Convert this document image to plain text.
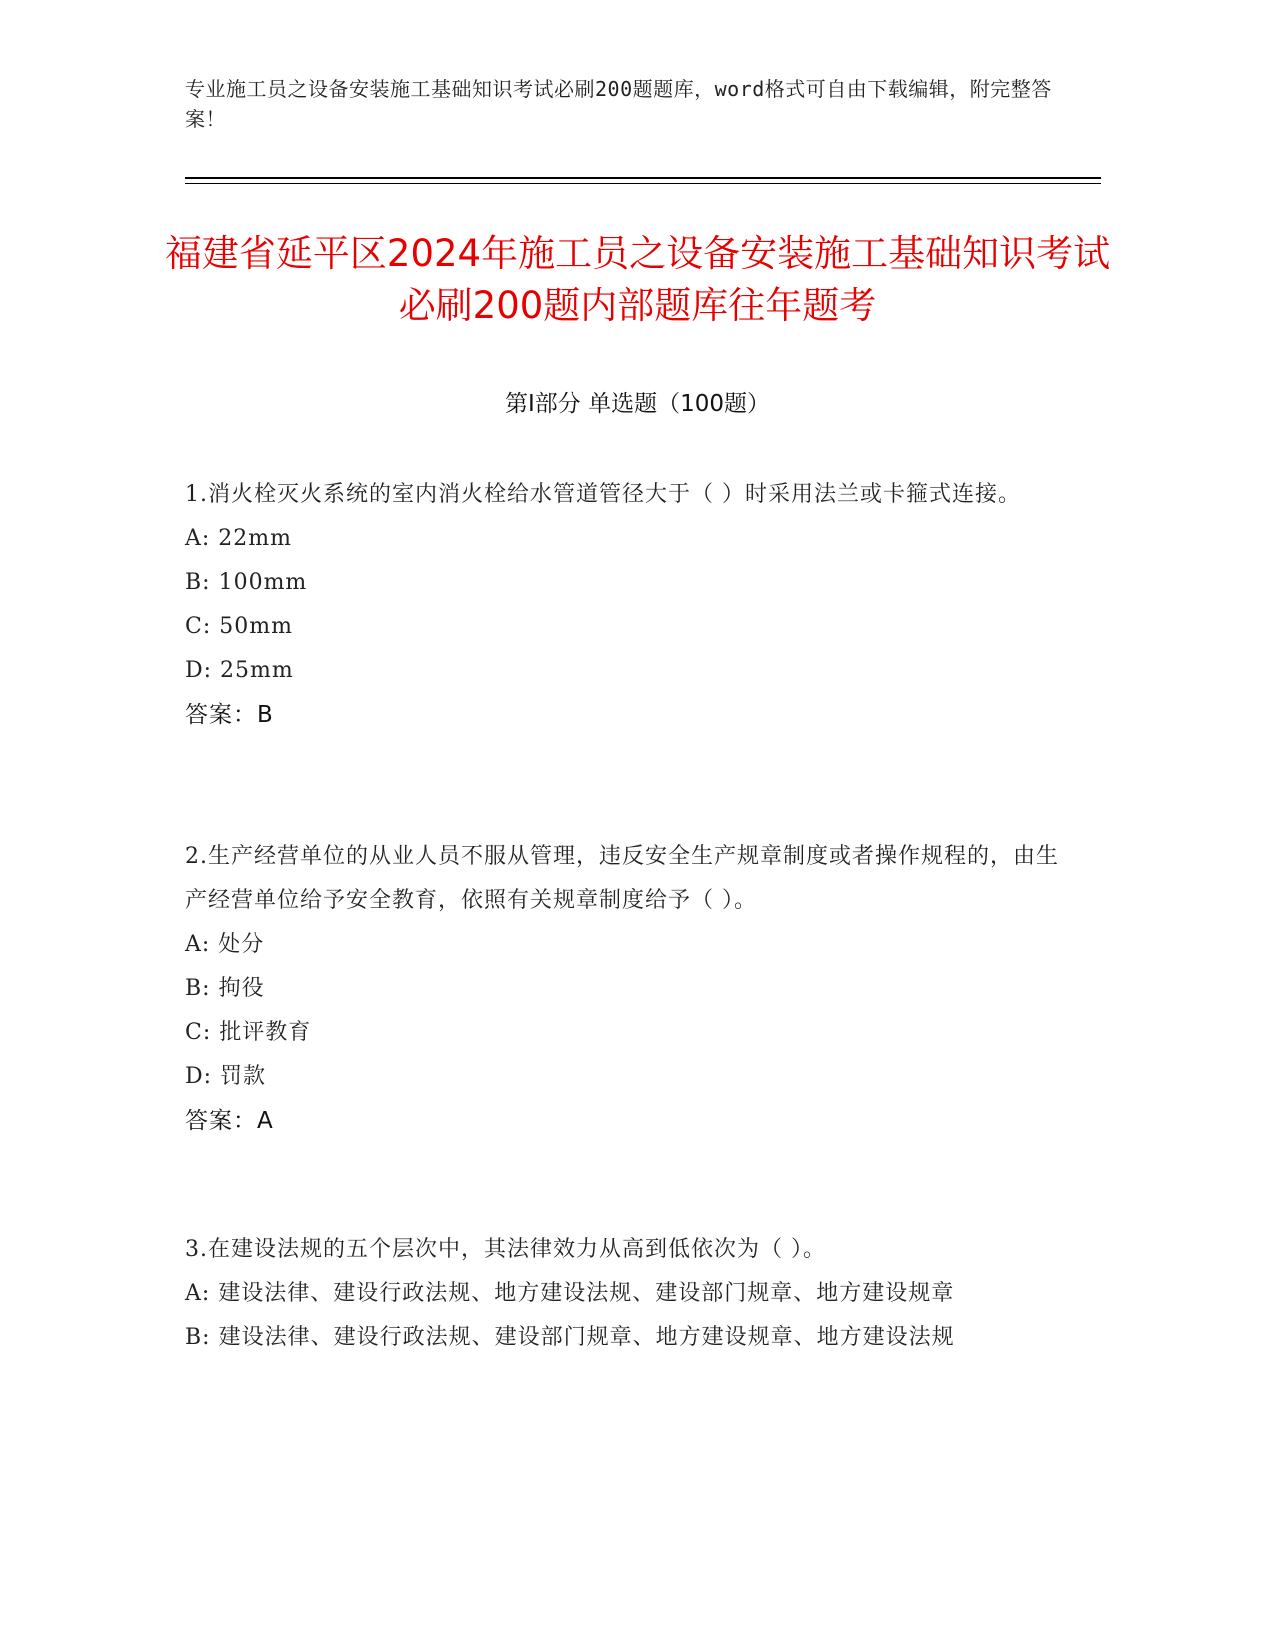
专业施工员之设备安装施工基础知识考试必刷200题题库，word格式可自由下载编辑，附完整答案！
福建省延平区2024年施工员之设备安装施工基础知识考试必刷200题内部题库往年题考
第Ⅰ部分 单选题（100题）
1.消火栓灭火系统的室内消火栓给水管道管径大于（ ）时采用法兰或卡箍式连接。
A: 22mm
B: 100mm
C: 50mm
D: 25mm
答案：B
2.生产经营单位的从业人员不服从管理，违反安全生产规章制度或者操作规程的，由生产经营单位给予安全教育，依照有关规章制度给予（ ）。
A: 处分
B: 拘役
C: 批评教育
D: 罚款
答案：A
3.在建设法规的五个层次中，其法律效力从高到低依次为（ ）。
A: 建设法律、建设行政法规、地方建设法规、建设部门规章、地方建设规章
B: 建设法律、建设行政法规、建设部门规章、地方建设规章、地方建设法规
